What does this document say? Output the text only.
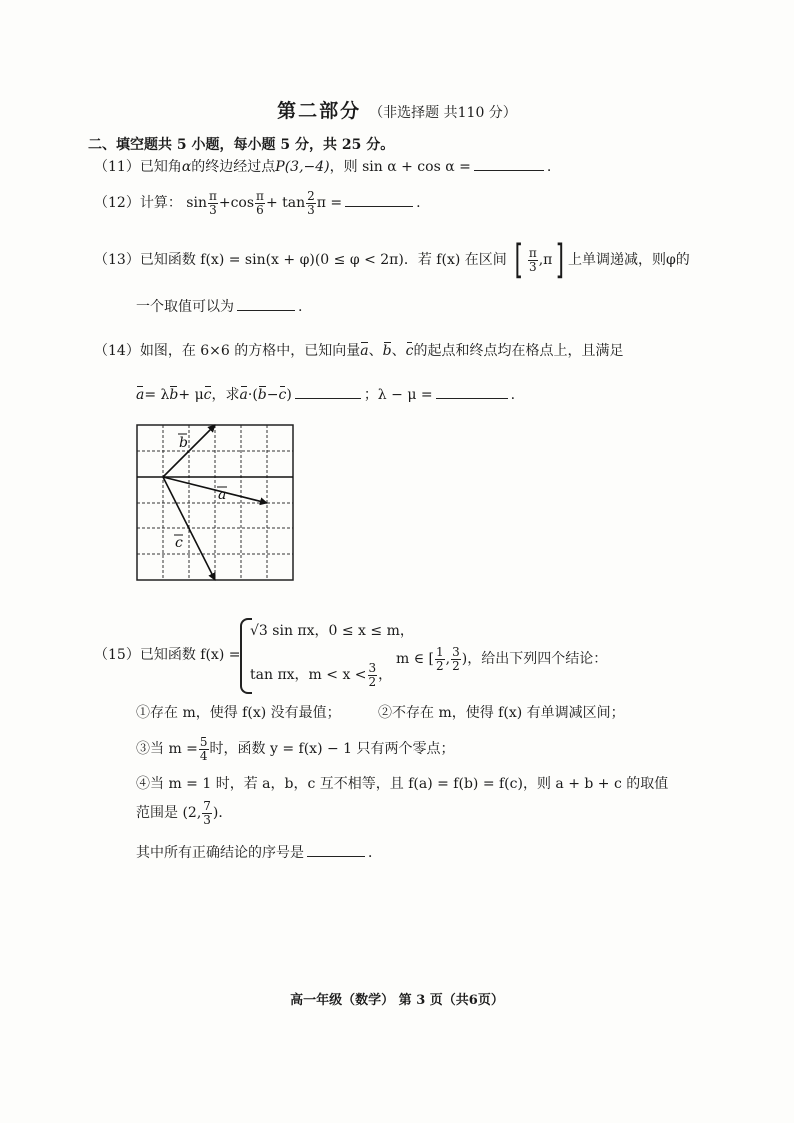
第二部分 （非选择题 共110 分）
二、填空题共 5 小题，每小题 5 分，共 25 分。
（11）已知角α的终边经过点P(3,−4)，则 sin α + cos α =	.
（12）计算： $\sin \frac{\pi}{3} +\cos \frac{\pi}{6} + \tan \frac{2}{3}$ π =	.
（13）已知函数 f(x) = sin(x + φ)(0 ≤ φ < 2π)．若 f(x) 在区间 [ $\frac{\pi}{3} ,\pi$ ] 上单调递减，则φ的
一个取值可以为	.
（14）如图，在 6×6 的方格中，已知向量a、b、c的起点和终点均在格点上，且满足
a= λb+ μc，求a·(b−c)	；λ − μ =	.
b
a
c
（15）已知函数 f(x) =
√3 sin πx，0 ≤ x ≤ m，
tan πx，$m < x < \frac{3}{2}$ ，
m ∈ [ $\frac{1}{2}$ , $\frac{3}{2}$ )，给出下列四个结论：
①存在 m，使得 f(x) 没有最值；	②不存在 m，使得 f(x) 有单调减区间；
③当 $m = \frac{5}{4}$ 时，函数 y = f(x) − 1 只有两个零点；
④当 m = 1 时，若 a，b，c 互不相等，且 f(a) = f(b) = f(c)，则 a + b + c 的取值
范围是 (2, $\frac{7}{3}$ )．
其中所有正确结论的序号是	．
高一年级（数学） 第 3 页（共6页）
